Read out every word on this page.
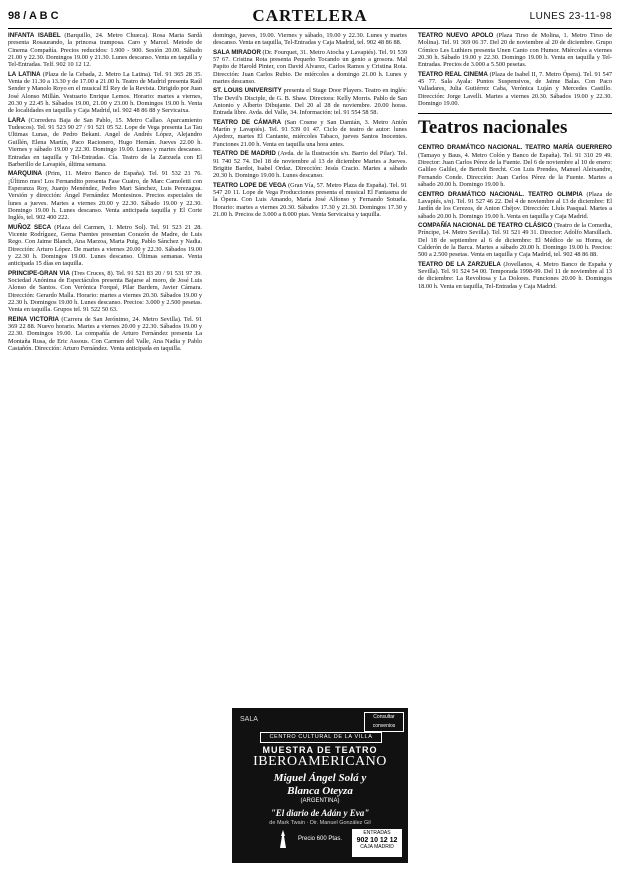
98 / A B C	CARTELERA	LUNES 23-11-98

INFANTA ISABEL (Barquillo, 24. Metro Chueca). Rosa Maria Sardà presenta Rosaurando, la princesa tramposa. Caro y Marcel. Metodo de Cinema Compañía. Precios reducidos: 1.900 - 900. Sesión 20.00. Sábado 21.00 y 22.30. Domingos 19.00 y 21.30. Lunes descanso. Venta en taquilla y Tel-Entradas. Telf. 902 10 12 12.

LA LATINA (Plaza de la Cebada, 2. Metro La Latina). Tel. 91 365 28 35. Venta de 11.30 a 13.30 y de 17.00 a 21.00 h. Teatro de Madrid presenta Raúl Sender y Manolo Royo en el musical El Rey de la Revista. Dirigido por Juan José Alonso Millán. Vestuario Enrique Lemos. Horario: martes a viernes, 20.30 y 22.45 h. Sábados 19.00, 21.00 y 23.00 h. Domingos 19.00 h. Venta de localidades en taquilla y Caja Madrid, tel. 902 48 86 88 y Servicaixa.

LARA (Corredera Baja de San Pablo, 15. Metro Callao. Aparcamiento Tudescos). Tel. 91 523 90 27 / 91 521 05 52. Lope de Vega presenta La Tau Ultimas Lunas, de Pedro Bekani. Angel de Andrés López, Alejandro Guillén, Elena Martín, Paco Racionero, Hugo Hernán. Jueves 22.00 h. Viernes y sábado 19.00 y 22.30. Domingo 19.00. Lunes y martes descanso. Entradas en taquilla y Tel-Entradas. Cía. Teatro de la Zarzuela con El Barberillo de Lavapiés, última semana.

MARQUINA (Prim, 11. Metro Banco de España). Tel. 91 532 21 76. ¡Último mes! Los Fernandito presenta Fase Cuatro, de Marc Camoletti con Esperanza Roy, Juanjo Menéndez, Pedro Mari Sánchez, Luis Perezagua. Versión y dirección: Ángel Fernández Montesinos. Precios especiales de lunes a jueves. Martes a viernes 20.00 y 22.30. Sábado 19.00 y 22.30. Domingo 19.00 h. Lunes descanso. Venta anticipada taquilla y El Corte Inglés, tel. 902 400 222.

MUÑOZ SECA (Plaza del Carmen, 1. Metro Sol). Tel. 91 523 21 28. Vicente Rodríguez, Gema Fuentes presentan Corazón de Madre, de Luis Rego. Con Jaime Blanch, Ana Marzoa, Marta Puig, Pablo Sánchez y Nadia. Dirección: Arturo López. De martes a viernes 20.00 y 22.30. Sábados 19.00 y 22.30 h. Domingos 19.00. Lunes descanso. Últimas semanas. Venta anticipada 15 días en taquilla.

PRINCIPE-GRAN VIA (Tres Cruces, 8). Tel. 91 521 83 20 / 91 531 97 39. Sociedad Anónima de Espectáculos presenta Bajarse al moro, de José Luis Alonso de Santos. Con Verónica Forqué, Pilar Bardem, Javier Cámara. Dirección: Gerardo Malla. Horario: martes a viernes 20.30. Sábados 19.00 y 22.30 h. Domingos 19.00 h. Lunes descanso. Precios: 3.000 y 2.500 pesetas. Venta en taquilla. Grupos tel. 91 522 50 63.

REINA VICTORIA (Carrera de San Jerónimo, 24. Metro Sevilla). Tel. 91 369 22 88. Nuevo horario. Martes a viernes 20.00 y 22.30. Sábados 19.00 y 22.30. Domingos 19.00. La compañía de Arturo Fernández presenta La Montaña Rusa, de Eric Assous. Con Carmen del Valle, Ana Nadia y Pablo Castañón. Dirección: Arturo Fernández. Venta anticipada en taquilla.

domingo, jueves, 19.00. Viernes y sábado, 19.00 y 22.30. Lunes y martes descanso. Venta en taquilla, Tel-Entradas y Caja Madrid, tel. 902 48 86 88.

SALA MIRADOR (Dr. Fourquet, 31. Metro Atocha y Lavapiés). Tel. 91 539 57 67. Cristina Rota presenta Pequeño Tocando un genio a grosora. Mal Papito de Harold Pinter, con David Alvarez, Carlos Ramos y Cristina Rota. Dirección: Juan Carlos Rubio. De miércoles a domingo 21.00 h. Lunes y martes descanso.

ST. LOUIS UNIVERSITY presenta el Stage Door Players. Teatro en inglés: The Devil's Disciple, de G. B. Shaw. Directora: Kelly Morris. Pablo de San Antonio y Alberto Dibujante. Del 20 al 28 de noviembre. 20.00 horas. Entrada libre. Avda. del Valle, 34. Información: tel. 91 554 58 58.

TEATRO DE CÁMARA (San Cosme y San Damián, 3. Metro Antón Martín y Lavapiés). Tel. 91 539 01 47. Ciclo de teatro de autor: lunes Ajedrez, martes El Cantante, miércoles Tabaco, jueves Santos Inocentes. Funciones 21.00 h. Venta en taquilla una hora antes.

TEATRO DE MADRID (Avda. de la Ilustración s/n. Barrio del Pilar). Tel. 91 740 52 74. Del 18 de noviembre al 13 de diciembre Martes a Jueves. Brigitte Bardot, Isabel Ordaz. Dirección: Jesús Cracio. Martes a sábado 20.30 h. Domingo 19.00 h. Lunes descanso.

TEATRO LOPE DE VEGA (Gran Vía, 57. Metro Plaza de España). Tel. 91 547 20 11. Lope de Vega Producciones presenta el musical El Fantasma de la Ópera. Con Luis Amando, María José Alfonso y Fernando Sotuela. Horario: martes a viernes 20.30. Sábados 17.30 y 21.30. Domingos 17.30 y 21.00 h. Precios de 3.000 a 8.000 ptas. Venta Servicaixa y taquilla.

TEATRO NUEVO APOLO (Plaza Tirso de Molina, 1. Metro Tirso de Molina). Tel. 91 369 06 37. Del 20 de noviembre al 20 de diciembre. Grupo Cómico Les Luthiers presenta Unen Canto con Humor. Miércoles a viernes 20.30 h. Sábado 19.00 y 22.30. Domingo 19.00 h. Venta en taquilla y Tel-Entradas. Precios de 3.000 a 5.500 pesetas.

TEATRO REAL CINEMA (Plaza de Isabel II, 7. Metro Ópera). Tel. 91 547 45 77. Sala Ayala: Puntos Suspensivos, de Jaime Balas. Con Paco Valladares, Julia Gutiérrez Caba, Verónica Luján y Mercedes Castillo. Dirección: Jorge Lavelli. Martes a viernes 20.30. Sábados 19.00 y 22.30. Domingo 19.00.

Teatros nacionales

CENTRO DRAMÁTICO NACIONAL. TEATRO MARÍA GUERRERO (Tamayo y Baus, 4. Metro Colón y Banco de España). Tel. 91 310 29 49. Director: Juan Carlos Pérez de la Fuente. Del 6 de noviembre al 10 de enero: Galileo Galilei, de Bertolt Brecht. Con Luis Prendes, Manuel Aleixandre, Fernando Conde. Dirección: Juan Carlos Pérez de la Fuente. Martes a sábado 20.00 h. Domingo 19.00 h.

CENTRO DRAMÁTICO NACIONAL. TEATRO OLIMPIA (Plaza de Lavapiés, s/n). Tel. 91 527 46 22. Del 4 de noviembre al 13 de diciembre: El Jardín de los Cerezos, de Anton Chéjov. Dirección: Lluís Pasqual. Martes a sábado 20.00 h. Domingo 19.00 h. Venta en taquilla y Caja Madrid.

COMPAÑÍA NACIONAL DE TEATRO CLÁSICO (Teatro de la Comedia, Príncipe, 14. Metro Sevilla). Tel. 91 521 49 31. Director: Adolfo Marsillach. Del 18 de septiembre al 6 de diciembre: El Médico de su Honra, de Calderón de la Barca. Martes a sábado 20.00 h. Domingo 19.00 h. Precios: 500 a 2.500 pesetas. Venta en taquilla y Caja Madrid, tel. 902 48 86 88.

TEATRO DE LA ZARZUELA (Jovellanos, 4. Metro Banco de España y Sevilla). Tel. 91 524 54 00. Temporada 1998-99. Del 11 de noviembre al 13 de diciembre: La Revoltosa y La Dolores. Funciones 20.00 h. Domingos 18.00 h. Venta en taquilla, Tel-Entradas y Caja Madrid.

SALA	Consultar convenios
CENTRO CULTURAL DE LA VILLA
MUESTRA DE TEATRO
IBEROAMERICANO
Miguel Ángel Solá y
Blanca Oteyza
(ARGENTINA)
"El diario de Adán y Eva"
de Mark Twain · Dir. Manuel González Gil
Precio 600 Ptas.
ENTRADAS
902 10 12 12
CAJA MADRID
